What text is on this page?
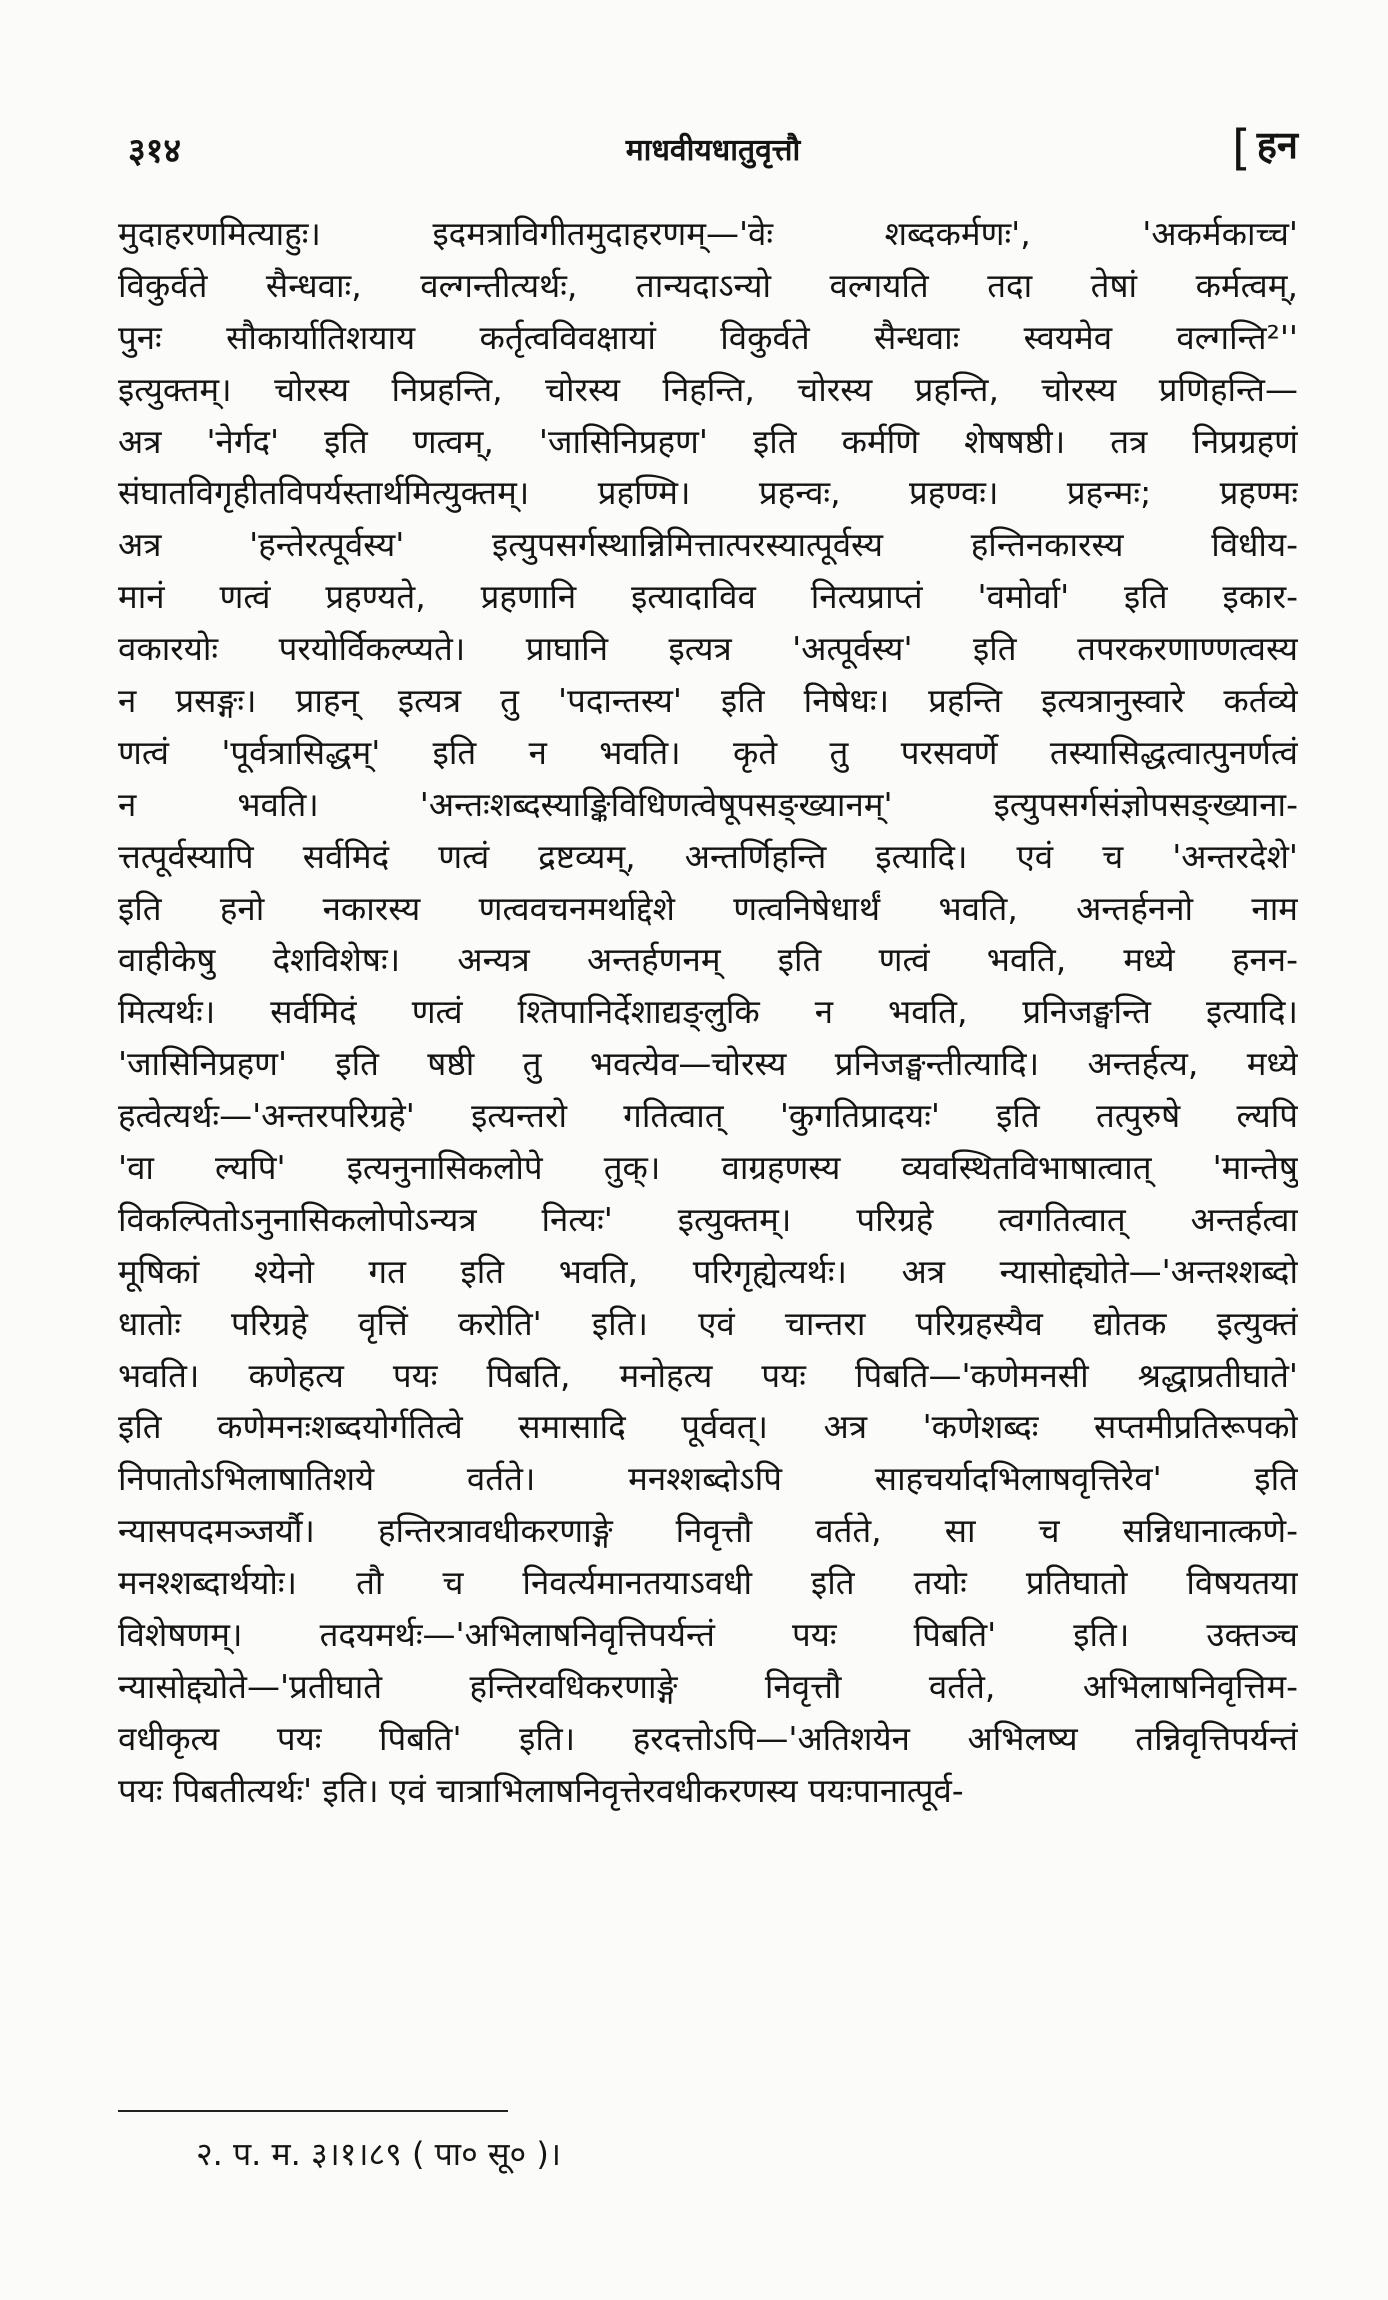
३१४	माधवीयधातुवृत्तौ	[ हन
मुदाहरणमित्याहुः। इदमत्राविगीतमुदाहरणम्—'वेः शब्दकर्मणः', 'अकर्मकाच्च'
विकुर्वते सैन्धवाः, वल्गन्तीत्यर्थः, तान्यदाऽन्यो वल्गयति तदा तेषां कर्मत्वम्,
पुनः सौकार्यातिशयाय कर्तृत्वविवक्षायां विकुर्वते सैन्धवाः स्वयमेव वल्गन्ति²''
इत्युक्तम्। चोरस्य निप्रहन्ति, चोरस्य निहन्ति, चोरस्य प्रहन्ति, चोरस्य प्रणिहन्ति—
अत्र 'नेर्गद' इति णत्वम्, 'जासिनिप्रहण' इति कर्मणि शेषषष्ठी। तत्र निप्रग्रहणं
संघातविगृहीतविपर्यस्तार्थमित्युक्तम्। प्रहण्मि। प्रहन्वः, प्रहण्वः। प्रहन्मः; प्रहण्मः
अत्र 'हन्तेरत्पूर्वस्य' इत्युपसर्गस्थान्निमित्तात्परस्यात्पूर्वस्य हन्तिनकारस्य विधीय-
मानं णत्वं प्रहण्यते, प्रहणानि इत्यादाविव नित्यप्राप्तं 'वमोर्वा' इति इकार-
वकारयोः परयोर्विकल्प्यते। प्राघानि इत्यत्र 'अत्पूर्वस्य' इति तपरकरणाण्णत्वस्य
न प्रसङ्गः। प्राहन् इत्यत्र तु 'पदान्तस्य' इति निषेधः। प्रहन्ति इत्यत्रानुस्वारे कर्तव्ये
णत्वं 'पूर्वत्रासिद्धम्' इति न भवति। कृते तु परसवर्णे तस्यासिद्धत्वात्पुनर्णत्वं
न भवति। 'अन्तःशब्दस्याङ्किविधिणत्वेषूपसङ्ख्यानम्' इत्युपसर्गसंज्ञोपसङ्ख्याना-
त्तत्पूर्वस्यापि सर्वमिदं णत्वं द्रष्टव्यम्, अन्तर्णिहन्ति इत्यादि। एवं च 'अन्तरदेशे'
इति हनो नकारस्य णत्ववचनमर्थाद्देशे णत्वनिषेधार्थं भवति, अन्तर्हननो नाम
वाहीकेषु देशविशेषः। अन्यत्र अन्तर्हणनम् इति णत्वं भवति, मध्ये हनन-
मित्यर्थः। सर्वमिदं णत्वं श्तिपानिर्देशाद्यङ्लुकि न भवति, प्रनिजङ्घन्ति इत्यादि।
'जासिनिप्रहण' इति षष्ठी तु भवत्येव—चोरस्य प्रनिजङ्घन्तीत्यादि। अन्तर्हत्य, मध्ये
हत्वेत्यर्थः—'अन्तरपरिग्रहे' इत्यन्तरो गतित्वात् 'कुगतिप्रादयः' इति तत्पुरुषे ल्यपि
'वा ल्यपि' इत्यनुनासिकलोपे तुक्। वाग्रहणस्य व्यवस्थितविभाषात्वात् 'मान्तेषु
विकल्पितोऽनुनासिकलोपोऽन्यत्र नित्यः' इत्युक्तम्। परिग्रहे त्वगतित्वात् अन्तर्हत्वा
मूषिकां श्येनो गत इति भवति, परिगृह्येत्यर्थः। अत्र न्यासोद्द्योते—'अन्तश्शब्दो
धातोः परिग्रहे वृत्तिं करोति' इति। एवं चान्तरा परिग्रहस्यैव द्योतक इत्युक्तं
भवति। कणेहत्य पयः पिबति, मनोहत्य पयः पिबति—'कणेमनसी श्रद्धाप्रतीघाते'
इति कणेमनःशब्दयोर्गतित्वे समासादि पूर्ववत्। अत्र 'कणेशब्दः सप्तमीप्रतिरूपको
निपातोऽभिलाषातिशये वर्तते। मनश्शब्दोऽपि साहचर्यादभिलाषवृत्तिरेव' इति
न्यासपदमञ्जर्यौ। हन्तिरत्रावधीकरणाङ्गे निवृत्तौ वर्तते, सा च सन्निधानात्कणे-
मनश्शब्दार्थयोः। तौ च निवर्त्यमानतयाऽवधी इति तयोः प्रतिघातो विषयतया
विशेषणम्। तदयमर्थः—'अभिलाषनिवृत्तिपर्यन्तं पयः पिबति' इति। उक्तञ्च
न्यासोद्द्योते—'प्रतीघाते हन्तिरवधिकरणाङ्गे निवृत्तौ वर्तते, अभिलाषनिवृत्तिम-
वधीकृत्य पयः पिबति' इति। हरदत्तोऽपि—'अतिशयेन अभिलष्य तन्निवृत्तिपर्यन्तं
पयः पिबतीत्यर्थः' इति। एवं चात्राभिलाषनिवृत्तेरवधीकरणस्य पयःपानात्पूर्व-
२. प. म. ३।१।८९ ( पा० सू० )।
